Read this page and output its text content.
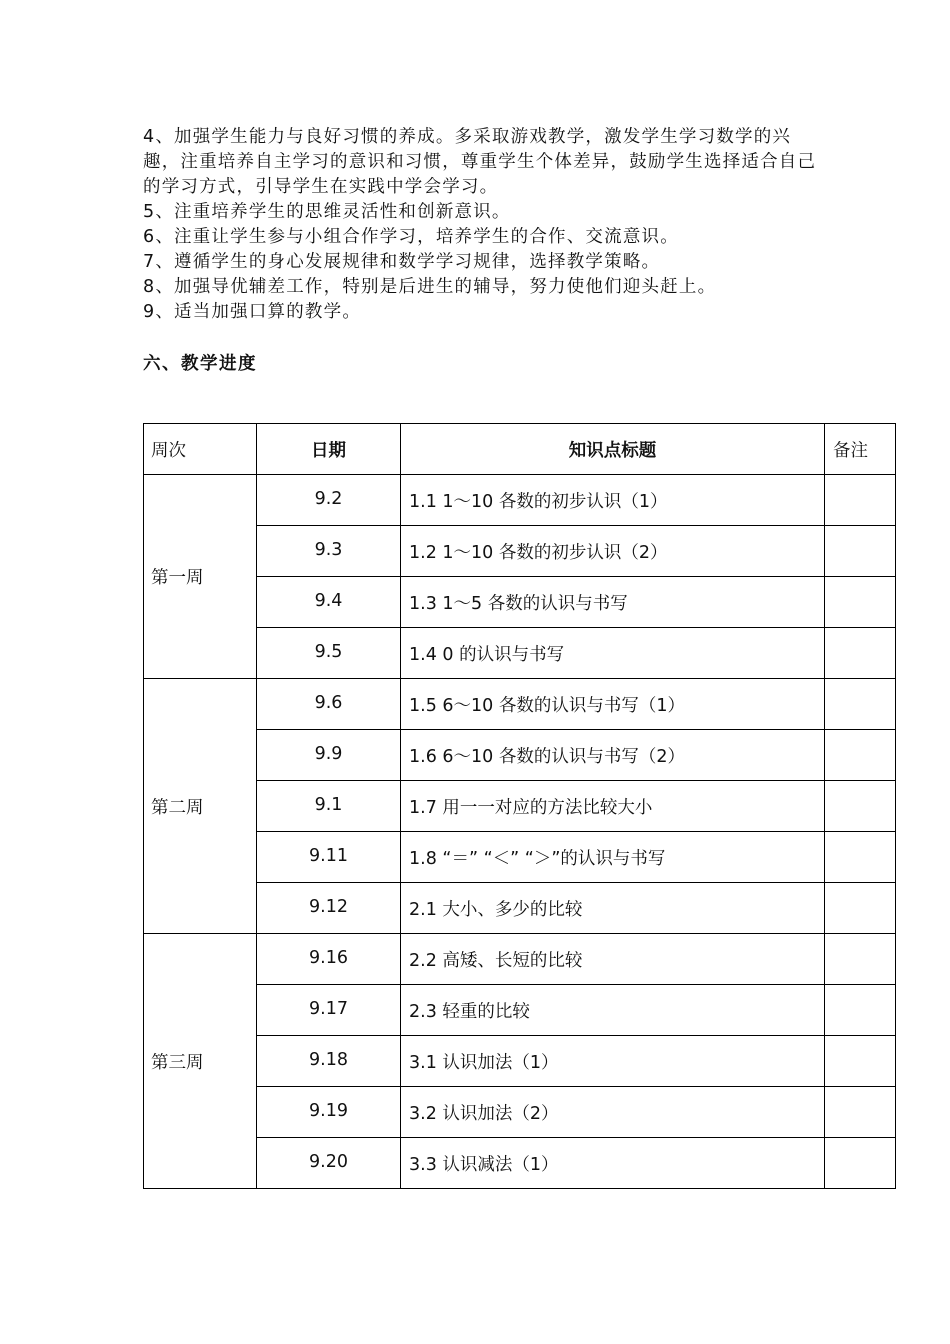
4、加强学生能力与良好习惯的养成。多采取游戏教学，激发学生学习数学的兴趣，注重培养自主学习的意识和习惯，尊重学生个体差异，鼓励学生选择适合自己的学习方式，引导学生在实践中学会学习。

5、注重培养学生的思维灵活性和创新意识。

6、注重让学生参与小组合作学习，培养学生的合作、交流意识。

7、遵循学生的身心发展规律和数学学习规律，选择教学策略。

8、加强导优辅差工作，特别是后进生的辅导，努力使他们迎头赶上。

9、适当加强口算的教学。

六、教学进度
周次	日期	知识点标题	备注
第一周	9.2	1.1 1～10 各数的初步认识（1）	
	9.3	1.2 1～10 各数的初步认识（2）	
	9.4	1.3 1～5 各数的认识与书写	
	9.5	1.4 0 的认识与书写	
第二周	9.6	1.5 6～10 各数的认识与书写（1）	
	9.9	1.6 6～10 各数的认识与书写（2）	
	9.1	1.7 用一一对应的方法比较大小	
	9.11	1.8 “＝” “＜” “＞”的认识与书写	
	9.12	2.1 大小、多少的比较	
第三周	9.16	2.2 高矮、长短的比较	
	9.17	2.3 轻重的比较	
	9.18	3.1 认识加法（1）	
	9.19	3.2 认识加法（2）	
	9.20	3.3 认识减法（1）	
